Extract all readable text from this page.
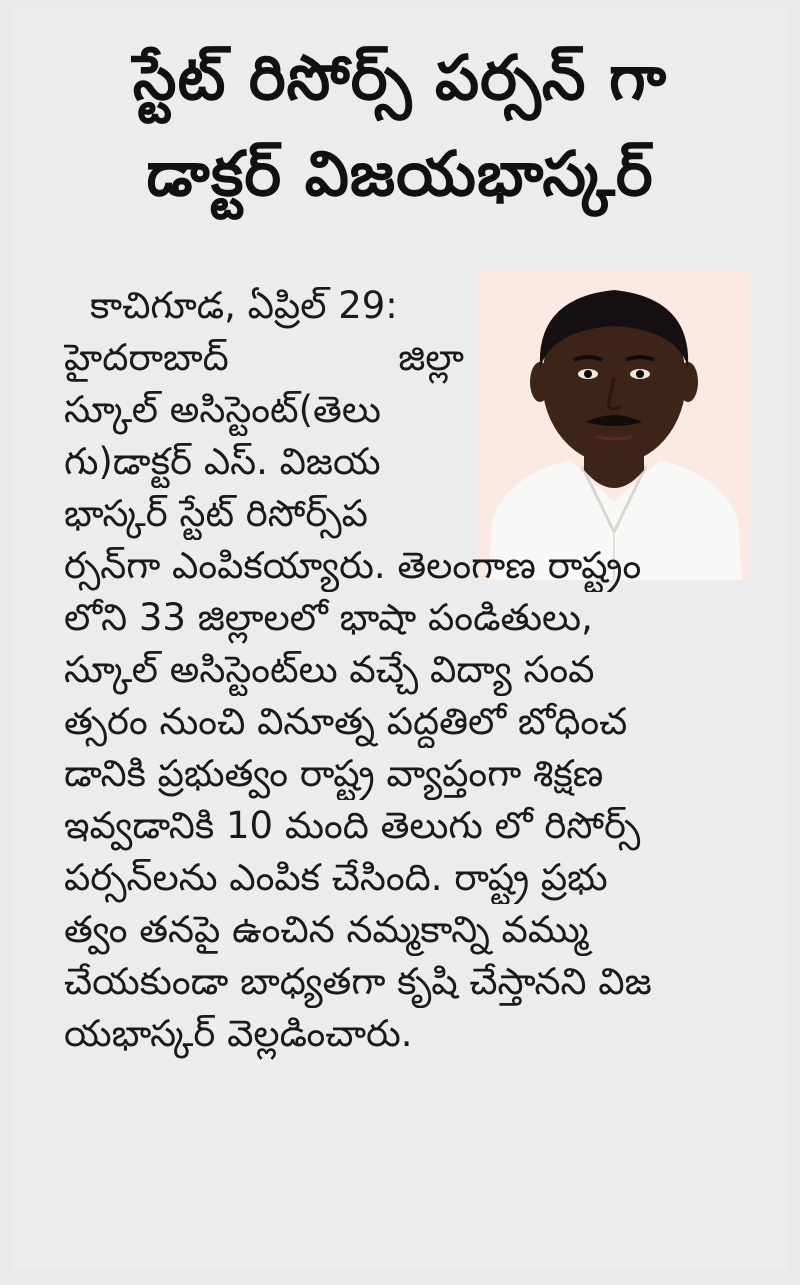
స్టేట్ రిసోర్స్ పర్సన్ గా
డాక్టర్ విజయభాస్కర్
కాచిగూడ, ఏప్రిల్ 29:
హైదరాబాద్	జిల్లా
స్కూల్ అసిస్టెంట్(తెలు
గు)డాక్టర్ ఎస్. విజయ
భాస్కర్ స్టేట్ రిసోర్స్‌ప
ర్సన్‌గా ఎంపికయ్యారు. తెలంగాణ రాష్ట్రం
లోని 33 జిల్లాలలో భాషా పండితులు,
స్కూల్ అసిస్టెంట్‌లు వచ్చే విద్యా సంవ
త్సరం నుంచి వినూత్న పద్ధతిలో బోధించ
డానికి ప్రభుత్వం రాష్ట్ర వ్యాప్తంగా శిక్షణ
ఇవ్వడానికి 10 మంది తెలుగు లో రిసోర్స్
పర్సన్‌లను ఎంపిక చేసింది. రాష్ట్ర ప్రభు
త్వం తనపై ఉంచిన నమ్మకాన్ని వమ్ము
చేయకుండా బాధ్యతగా కృషి చేస్తానని విజ
యభాస్కర్ వెల్లడించారు.
